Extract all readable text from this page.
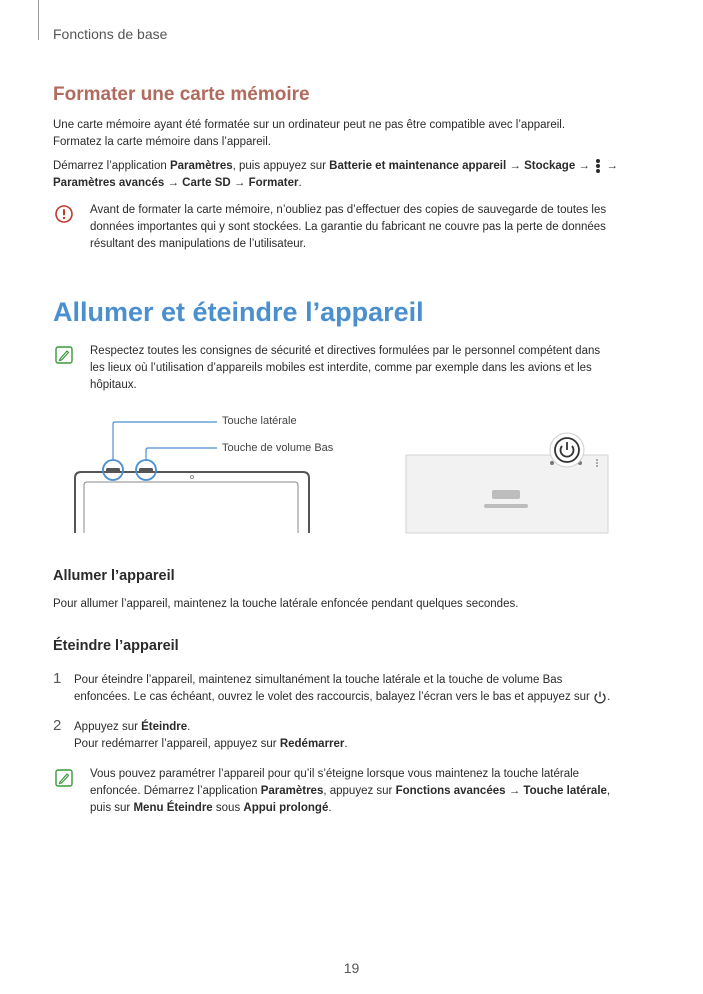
Fonctions de base
Formater une carte mémoire
Une carte mémoire ayant été formatée sur un ordinateur peut ne pas être compatible avec l’appareil.
Formatez la carte mémoire dans l’appareil.
Démarrez l’application Paramètres, puis appuyez sur Batterie et maintenance appareil → Stockage →
→
Paramètres avancés → Carte SD → Formater.
Avant de formater la carte mémoire, n’oubliez pas d’effectuer des copies de sauvegarde de toutes les
données importantes qui y sont stockées. La garantie du fabricant ne couvre pas la perte de données
résultant des manipulations de l’utilisateur.
Allumer et éteindre l’appareil
Respectez toutes les consignes de sécurité et directives formulées par le personnel compétent dans
les lieux où l’utilisation d’appareils mobiles est interdite, comme par exemple dans les avions et les
hôpitaux.
Touche latérale
Touche de volume Bas
Allumer l’appareil
Pour allumer l’appareil, maintenez la touche latérale enfoncée pendant quelques secondes.
Éteindre l’appareil
1 Pour éteindre l’appareil, maintenez simultanément la touche latérale et la touche de volume Bas
enfoncées. Le cas échéant, ouvrez le volet des raccourcis, balayez l’écran vers le bas et appuyez sur .
2 Appuyez sur Éteindre.
Pour redémarrer l’appareil, appuyez sur Redémarrer.
Vous pouvez paramétrer l’appareil pour qu’il s’éteigne lorsque vous maintenez la touche latérale
enfoncée. Démarrez l’application Paramètres, appuyez sur Fonctions avancées → Touche latérale,
puis sur Menu Éteindre sous Appui prolongé.
19
